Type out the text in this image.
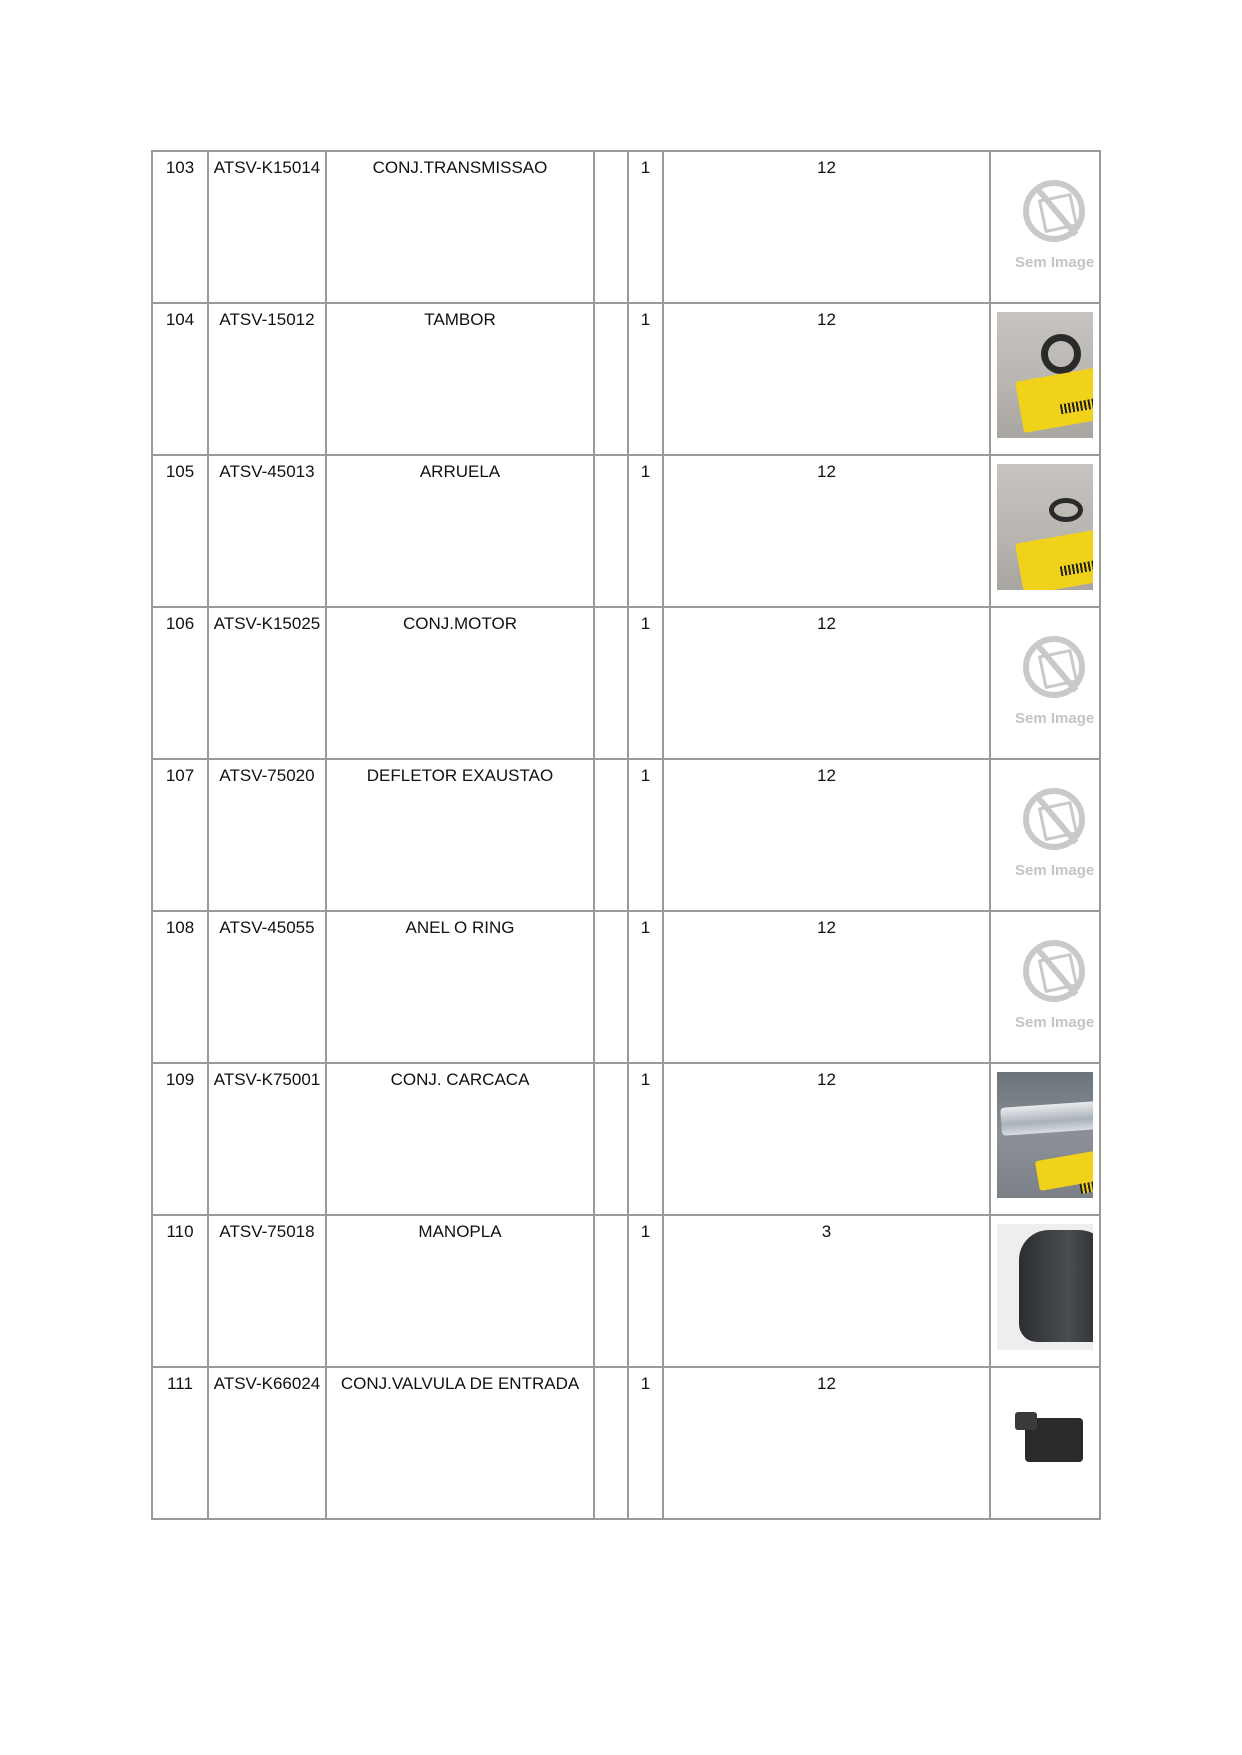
103	ATSV-K15014	CONJ.TRANSMISSAO		1	12	Sem Image

104	ATSV-15012	TAMBOR		1	12	

105	ATSV-45013	ARRUELA		1	12	

106	ATSV-K15025	CONJ.MOTOR		1	12	Sem Image

107	ATSV-75020	DEFLETOR EXAUSTAO		1	12	Sem Image

108	ATSV-45055	ANEL O RING		1	12	Sem Image

109	ATSV-K75001	CONJ. CARCACA		1	12	

110	ATSV-75018	MANOPLA		1	3	

111	ATSV-K66024	CONJ.VALVULA DE ENTRADA		1	12	
